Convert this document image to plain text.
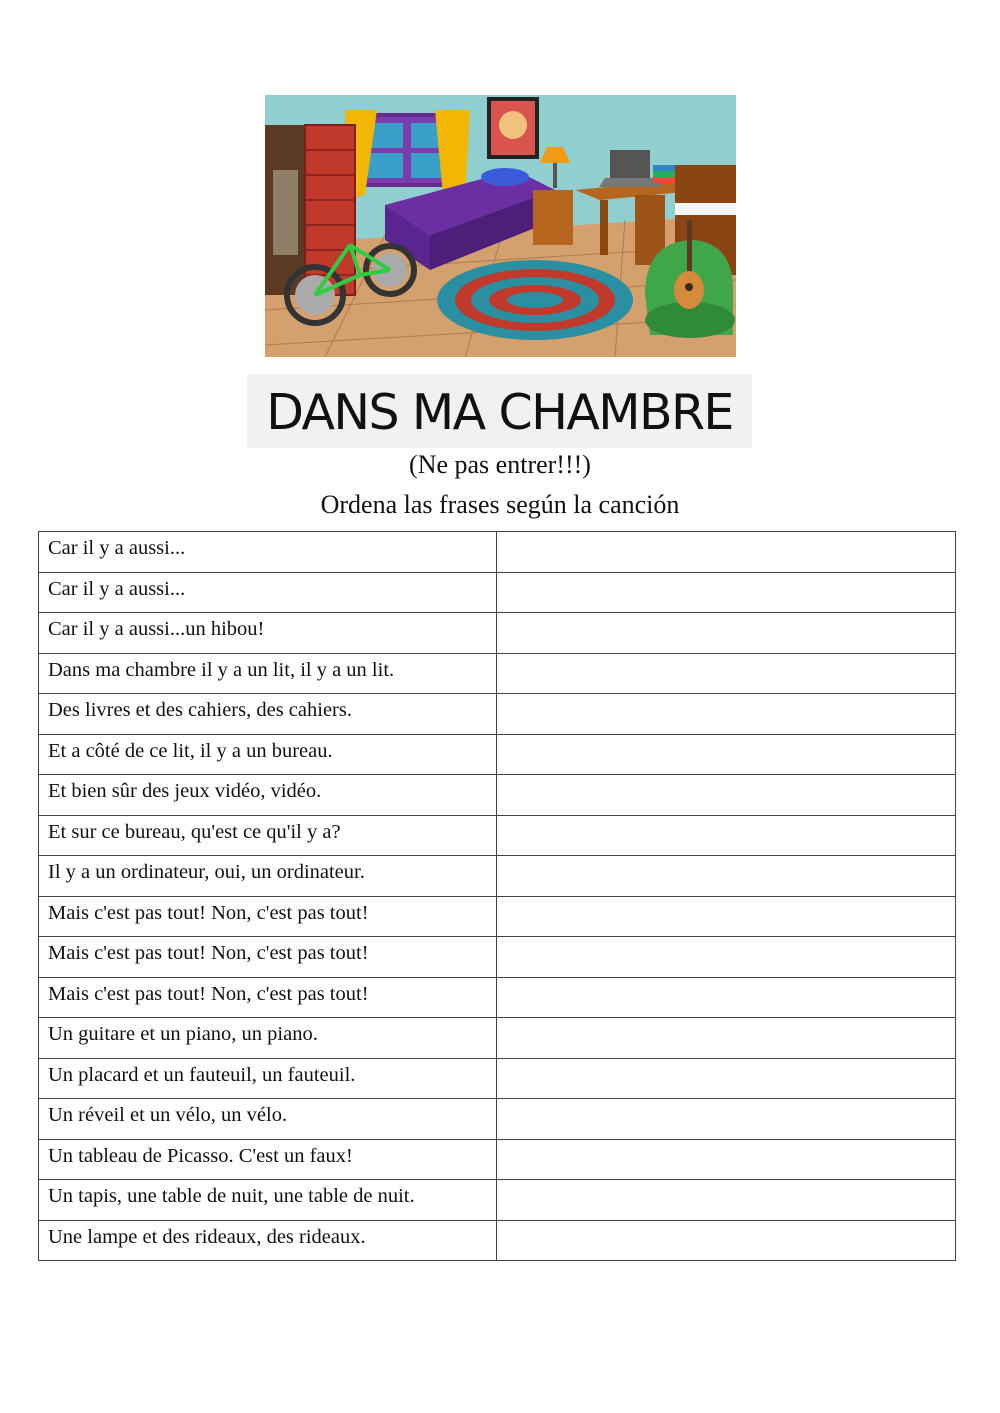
DANS MA CHAMBRE
(Ne pas entrer!!!)
Ordena las frases según la canción
Car il y a aussi...	
Car il y a aussi...	
Car il y a aussi...un hibou!	
Dans ma chambre il y a un lit, il y a un lit.	
Des livres et des cahiers, des cahiers.	
Et a côté de ce lit, il y a un bureau.	
Et bien sûr des jeux vidéo, vidéo.	
Et sur ce bureau, qu'est ce qu'il y a?	
Il y a un ordinateur, oui, un ordinateur.	
Mais c'est pas tout! Non, c'est pas tout!	
Mais c'est pas tout! Non, c'est pas tout!	
Mais c'est pas tout! Non, c'est pas tout!	
Un guitare et un piano, un piano.	
Un placard et un fauteuil, un fauteuil.	
Un réveil et un vélo, un vélo.	
Un tableau de Picasso. C'est un faux!	
Un tapis, une table de nuit, une table de nuit.	
Une lampe et des rideaux, des rideaux.	
